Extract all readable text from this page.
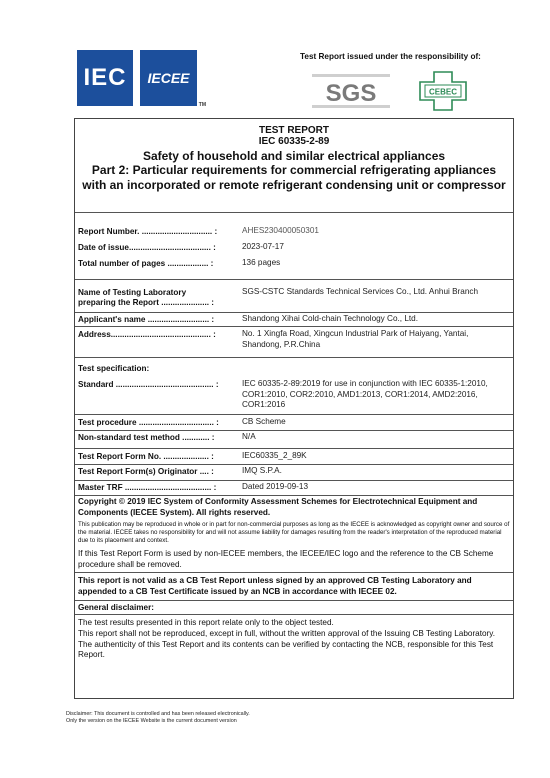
IEC IECEE
TM
Test Report issued under the responsibility of:
SGS	CEBEC
TEST REPORT
IEC 60335-2-89
Safety of household and similar electrical appliances
Part 2: Particular requirements for commercial refrigerating appliances with an incorporated or remote refrigerant condensing unit or compressor
Report Number. ............................... :	AHES230400050301
Date of issue.................................... :	2023-07-17
Total number of pages .................. :	136 pages
Name of Testing Laboratory
preparing the Report ..................... :
SGS-CSTC Standards Technical Services Co., Ltd. Anhui Branch
Applicant's name ........................... :	Shandong Xihai Cold-chain Technology Co., Ltd.
Address............................................ :	No. 1 Xingfa Road, Xingcun Industrial Park of Haiyang, Yantai, Shandong, P.R.China
Test specification:
Standard ........................................... :	IEC 60335-2-89:2019 for use in conjunction with IEC 60335-1:2010, COR1:2010, COR2:2010, AMD1:2013, COR1:2014, AMD2:2016, COR1:2016
Test procedure ................................. :	CB Scheme
Non-standard test method ............ :	N/A
Test Report Form No. .................... :	IEC60335_2_89K
Test Report Form(s) Originator .... :	IMQ S.P.A.
Master TRF ...................................... :	Dated 2019-09-13
Copyright © 2019 IEC System of Conformity Assessment Schemes for Electrotechnical Equipment and Components (IECEE System). All rights reserved.
This publication may be reproduced in whole or in part for non-commercial purposes as long as the IECEE is acknowledged as copyright owner and source of the material. IECEE takes no responsibility for and will not assume liability for damages resulting from the reader's interpretation of the reproduced material due to its placement and context.
If this Test Report Form is used by non-IECEE members, the IECEE/IEC logo and the reference to the CB Scheme procedure shall be removed.
This report is not valid as a CB Test Report unless signed by an approved CB Testing Laboratory and appended to a CB Test Certificate issued by an NCB in accordance with IECEE 02.
General disclaimer:
The test results presented in this report relate only to the object tested.
This report shall not be reproduced, except in full, without the written approval of the Issuing CB Testing Laboratory. The authenticity of this Test Report and its contents can be verified by contacting the NCB, responsible for this Test Report.
Disclaimer: This document is controlled and has been released electronically.
Only the version on the IECEE Website is the current document version
